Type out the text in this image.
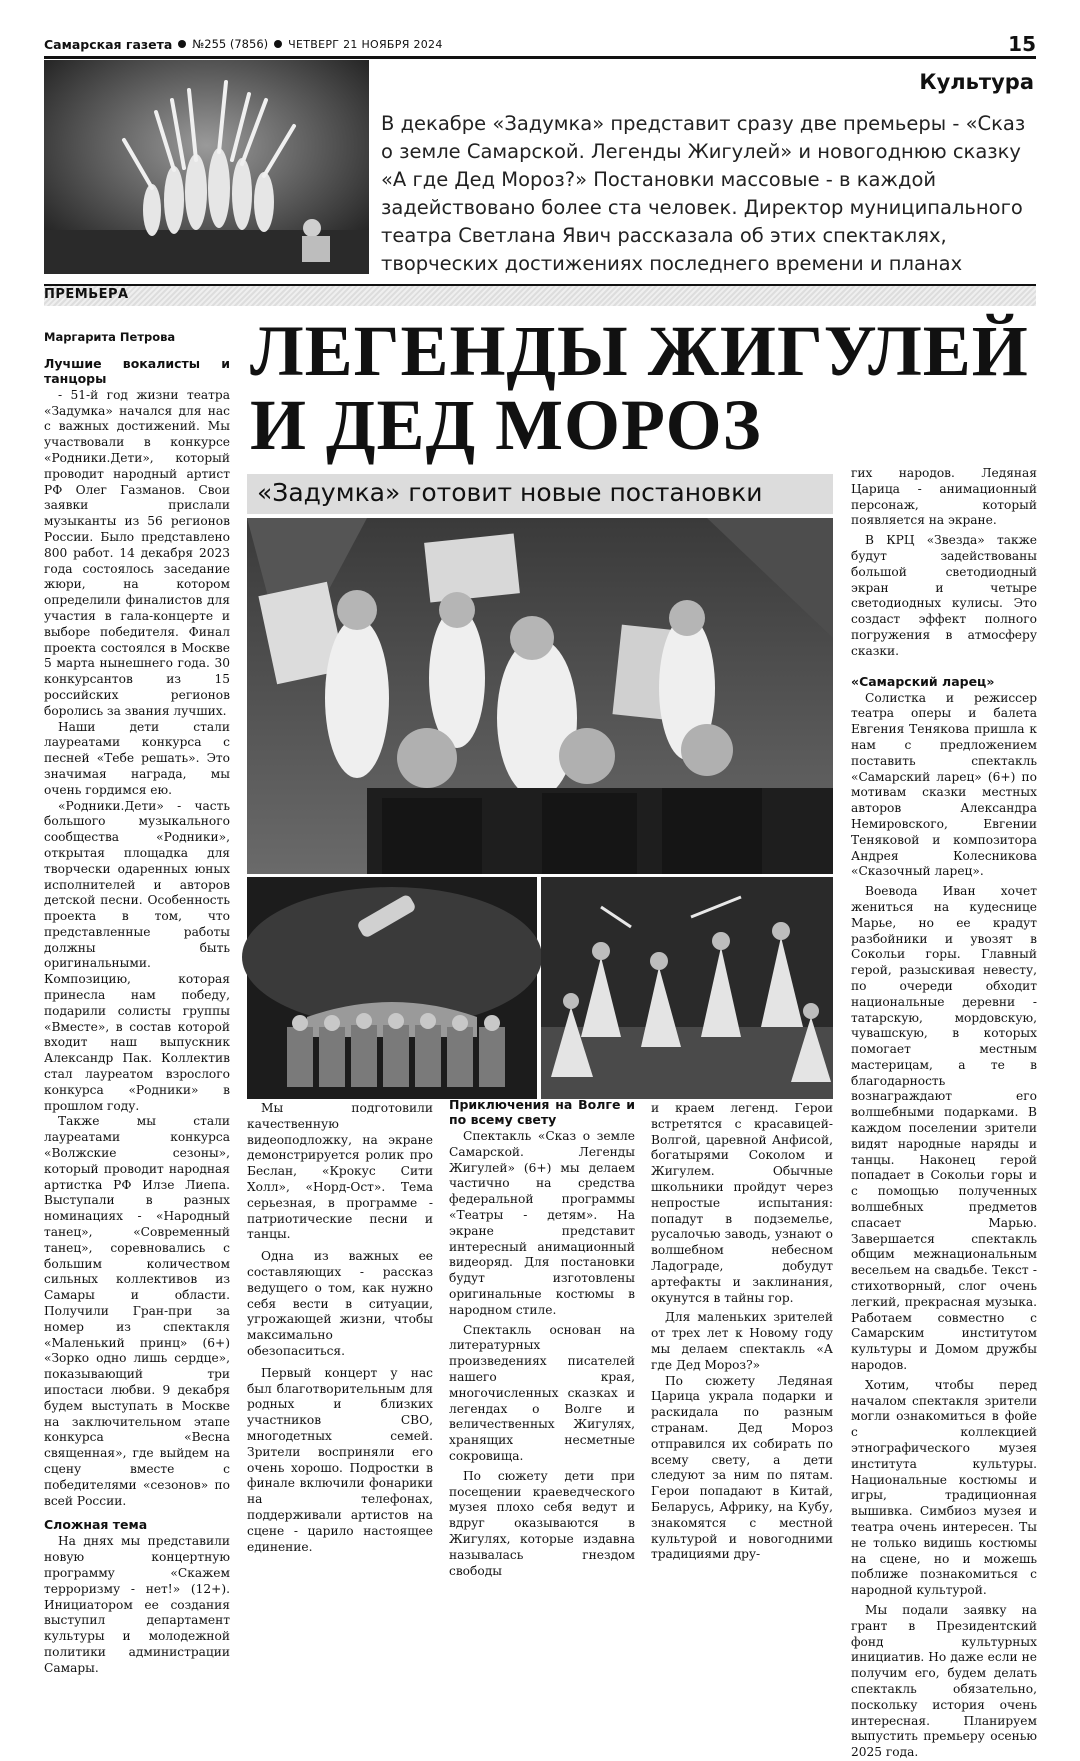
Самарская газета №255 (7856) ЧЕТВЕРГ 21 НОЯБРЯ 2024	15
Культура
В декабре «Задумка» представит сразу две премьеры - «Сказ о земле Самарской. Легенды Жигулей» и новогоднюю сказку «А где Дед Мороз?» Постановки массовые - в каждой задействовано более ста человек. Директор муниципального театра Светлана Явич рассказала об этих спектаклях, творческих достижениях последнего времени и планах
ПРЕМЬЕРА
ЛЕГЕНДЫ ЖИГУЛЕЙ
И ДЕД МОРОЗ
«Задумка» готовит новые постановки
Маргарита Петрова
Лучшие вокалисты и танцоры

- 51-й год жизни театра «Задумка» начался для нас с важных достижений. Мы участвовали в конкурсе «Родники.Дети», который проводит народный артист РФ Олег Газманов. Свои заявки прислали музыканты из 56 регионов России. Было представлено 800 работ. 14 декабря 2023 года состоялось заседание жюри, на котором определили финалистов для участия в гала-концерте и выборе победителя. Финал проекта состоялся в Москве 5 марта нынешнего года. 30 конкурсантов из 15 российских регионов боролись за звания лучших.

Наши дети стали лауреатами конкурса с песней «Тебе решать». Это значимая награда, мы очень гордимся ею.

«Родники.Дети» - часть большого музыкального сообщества «Родники», открытая площадка для творчески одаренных юных исполнителей и авторов детской песни. Особенность проекта в том, что представленные работы должны быть оригинальными. Композицию, которая принесла нам победу, подарили солисты группы «Вместе», в состав которой входит наш выпускник Александр Пак. Коллектив стал лауреатом взрослого конкурса «Родники» в прошлом году.

Также мы стали лауреатами конкурса «Волжские сезоны», который проводит народная артистка РФ Илзе Лиепа. Выступали в разных номинациях - «Народный танец», «Современный танец», соревновались с большим количеством сильных коллективов из Самары и области. Получили Гран-при за номер из спектакля «Маленький принц» (6+) «Зорко одно лишь сердце», показывающий три ипостаси любви. 9 декабря будем выступать в Москве на заключительном этапе конкурса «Весна священная», где выйдем на сцену вместе с победителями «сезонов» по всей России.

Сложная тема

На днях мы представили новую концертную программу «Скажем терроризму - нет!» (12+). Инициатором ее создания выступил департамент культуры и молодежной политики администрации Самары.

Мы подготовили качественную видеоподложку, на экране демонстрируется ролик про Беслан, «Крокус Сити Холл», «Норд-Ост». Тема серьезная, в программе - патриотические песни и танцы.

Одна из важных ее составляющих - рассказ ведущего о том, как нужно себя вести в ситуации, угрожающей жизни, чтобы максимально обезопаситься.

Первый концерт у нас был благотворительным для родных и близких участников СВО, многодетных семей. Зрители восприняли его очень хорошо. Подростки в финале включили фонарики на телефонах, поддерживали артистов на сцене - царило настоящее единение.

Приключения на Волге и по всему свету

Спектакль «Сказ о земле Самарской. Легенды Жигулей» (6+) мы делаем частично на средства федеральной программы «Театры - детям». На экране представит интересный анимационный видеоряд. Для постановки будут изготовлены оригинальные костюмы в народном стиле.

Спектакль основан на литературных произведениях писателей нашего края, многочисленных сказках и легендах о Волге и величественных Жигулях, хранящих несметные сокровища.

По сюжету дети при посещении краеведческого музея плохо себя ведут и вдруг оказываются в Жигулях, которые издавна называлась гнездом свободы

и краем легенд. Герои встретятся с красавицей-Волгой, царевной Анфисой, богатырями Соколом и Жигулем. Обычные школьники пройдут через непростые испытания: попадут в подземелье, русалочью заводь, узнают о волшебном небесном Ладограде, добудут артефакты и заклинания, окунутся в тайны гор.

Для маленьких зрителей от трех лет к Новому году мы делаем спектакль «А где Дед Мороз?»

По сюжету Ледяная Царица украла подарки и раскидала по разным странам. Дед Мороз отправился их собирать по всему свету, а дети следуют за ним по пятам. Герои попадают в Китай, Беларусь, Африку, на Кубу, знакомятся с местной культурой и новогодними традициями дру-

гих народов. Ледяная Царица - анимационный персонаж, который появляется на экране.

В КРЦ «Звезда» также будут задействованы большой светодиодный экран и четыре светодиодных кулисы. Это создаст эффект полного погружения в атмосферу сказки.

«Самарский ларец»

Солистка и режиссер театра оперы и балета Евгения Тенякова пришла к нам с предложением поставить спектакль «Самарский ларец» (6+) по мотивам сказки местных авторов Александра Немировского, Евгении Теняковой и композитора Андрея Колесникова «Сказочный ларец».

Воевода Иван хочет жениться на кудеснице Марье, но ее крадут разбойники и увозят в Сокольи горы. Главный герой, разыскивая невесту, по очереди обходит национальные деревни - татарскую, мордовскую, чувашскую, в которых помогает местным мастерицам, а те в благодарность вознаграждают его волшебными подарками. В каждом поселении зрители видят народные наряды и танцы. Наконец герой попадает в Сокольи горы и с помощью полученных волшебных предметов спасает Марью. Завершается спектакль общим межнациональным весельем на свадьбе. Текст - стихотворный, слог очень легкий, прекрасная музыка. Работаем совместно с Самарским институтом культуры и Домом дружбы народов.

Хотим, чтобы перед началом спектакля зрители могли ознакомиться в фойе с коллекцией этнографического музея института культуры. Национальные костюмы и игры, традиционная вышивка. Симбиоз музея и театра очень интересен. Ты не только видишь костюмы на сцене, но и можешь поближе познакомиться с народной культурой.

Мы подали заявку на грант в Президентский фонд культурных инициатив. Но даже если не получим его, будем делать спектакль обязательно, поскольку история очень интересная. Планируем выпустить премьеру осенью 2025 года.
